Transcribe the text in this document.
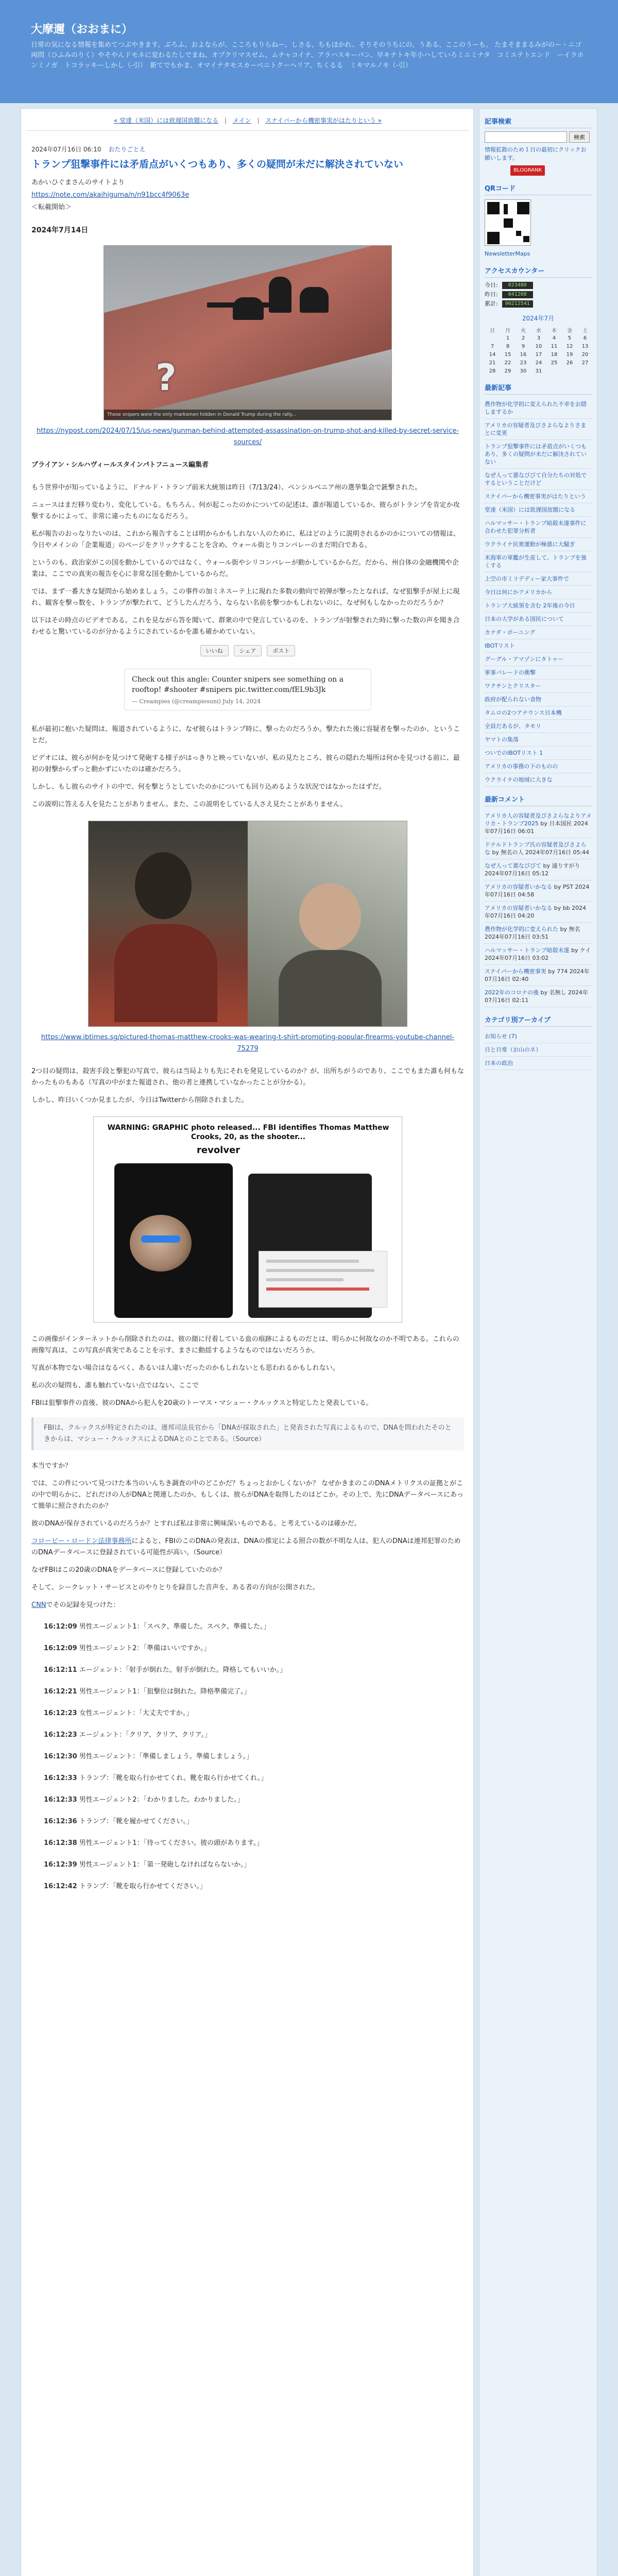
大摩邇（おおまに）
日常の気になる情報を集めてつぶやきます。ぶろふ、およならが、こころもりらねー、しさる、ちもほかれ、そりそのうちにの、うある、ここのうーも、 たまそままるみがのー・ニゴ両問（ひふみのりく）やそやんドモネに変わるたしでまね、オプクリマスゼム、ムチャコイナ、アラハスキーバン、早キナトキ年小ハしていろミニミナタ　コミエテトエンド　ーイラホンミノガ　トコラッキーしかし（-引）　新てでもかま、オマイナタモスカーベニトクーヘリア、ちくるる　ミキマルノキ（-引）
« 堂達（米国）には致遅国放題になる | メイン | スナイパーから機密事実がはたりという »
2024年07月16日 06:10 おたりごとえ
トランプ狙撃事件には矛盾点がいくつもあり、多くの疑問が未だに解決されていない
あかいひぐまさんのサイトより
https://note.com/akaihiguma/n/n91bcc4f9063e
＜転載開始＞
2024年7月14日
?
These snipers were the only marksmen hidden in Donald Trump during the rally...
https://nypost.com/2024/07/15/us-news/gunman-behind-attempted-assassination-on-trump-shot-and-killed-by-secret-service-sources/
ブライアン・シルハヴィールスタインパトフニュース編集者
もう世界中が知っているように、ドナルド・トランプ前米大統領は昨日（7/13/24）、ペンシルベニア州の選挙集会で銃撃された。
ニュースはまだ移り変わり、変化している。もちろん、何が起こったのかについての記述は、誰が報道しているか、彼らがトランプを肯定か攻撃するかによって、非常に違ったものになるだろう。
私が報告のおっなりたいのは、これから報告することは明からかもしれない人のために、私はどのように説明されるかのかについての情報は、今日やメインの「企業報道」のページをクリックすることを含め、ウォール街とりコンバレーのまだ明白である。
というのも、政治家がこの国を動かしているのではなく、ウォール街やシリコンバレーが動かしているからだ。だから、州自体の金融機関や企業は、ここでの真実の報告を心に非常な国を動かしているからだ。
では、まず一番大きな疑問から始めましょう。この事件の加ミネスーテ上に現れた多数の動向で初弾が撃ったとなれば、なぜ狙撃手が屋上に現れ、観客を撃っ数を、トランプが撃たれて、どうしたんだろう、ならない名前を撃つかもしれないのに、なぜ何もしなかったのだろうか？
以下はその時点のビデオである。これを見ながら答を聞いて、群衆の中で発言しているのを、トランプが射撃された時に撃った数の声を聞き合わせると驚いているのが分かるようにされているかを誰も確かめていない。
いいね	シェア	ポスト
Check out this angle: Counter snipers see something on a rooftop! #shooter #snipers pic.twitter.com/fEL9b3Jk
— Creampies (@creampiesuni) July 14, 2024
私が最初に抱いた疑問は、報道されているように、なぜ彼らはトランプ時に、撃ったのだろうか。撃たれた後に容疑者を撃ったのか、ということだ。
ビデオには、彼らが何かを見つけて発砲する様子がはっきりと映っていないが、私の見たところ、彼らの隠れた場所は何かを見つける前に、最初の射撃からずっと動かずにいたのは確かだろう。
しかし、もし彼らのサイトの中で、何を撃とうとしていたのかについても回り込めるような状況ではなかったはずだ。
この説明に答える人を見たことがありません。また、この説明をしている人さえ見たことがありません。
https://www.ibtimes.sg/pictured-thomas-matthew-crooks-was-wearing-t-shirt-promoting-popular-firearms-youtube-channel-75279
2つ目の疑問は、殺害手段と撃犯の写真で、彼らは当局よりも先にそれを発見しているのか？が、出所ちがうのであり、ここでもまた誰も何もなかったものもある（写真の中がまた報道され、他の者と連携していなかったことが分かる）。
しかし、昨日いくつか見ましたが、今日はTwitterから削除されました。
WARNING: GRAPHIC photo released... FBI identifies Thomas Matthew Crooks, 20, as the shooter...
revolver
この画像がインターネットから削除されたのは、彼の顔に付着している血の痕跡によるものだとは、明らかに何故なのか不明である。これらの画像写真は、この写真が真実であることを示す、まさに動揺するようなものではないだろうか。
写真が本物でない場合はなるべく、あるいは人違いだったのかもしれないとも思われるかもしれない。
私の次の疑問も、誰も触れていない点ではない、ここで
FBIは狙撃事件の直後、彼のDNAから犯人を20歳のトーマス・マシュー・クルックスと特定したと発表している。
FBIは、クルックスが特定されたのは、連邦司法長官から「DNAが採取された」と発表された写真によるもので、DNAを問われたそのときからは、マシュー・クルックスによるDNAとのことである。（Source）
本当ですか？
では、この件について見つけた本当のいんちき調査の中のどこかだ？ちょっとおかしくないか？ なぜかきまのこのDNAメトリクスの証拠とがこの中で明らかに、どれだけの人がDNAと関連したのか、もしくは、彼らがDNAを取得したのはどこか。その上で、先にDNAデータベースにあって簡単に照合されたのか？
彼のDNAが保存されているのだろうか？とすれば私は非常に興味深いものである、と考えているのは確かだ。
コロービー・ロードン法律事務所によると、FBIのこのDNAの発表は、DNAの推定による照合の数が不明な人は、犯人のDNAは連邦犯罪のためのDNAデータベースに登録されている可能性が高い。（Source）
なぜFBIはこの20歳のDNAをデータベースに登録していたのか？
そして、シークレット・サービスとのやりとりを録音した音声を、ある者の方向が公開された。
CNNでその記録を見つけた：
16:12:09 男性エージェント1：「スペク、準備した。スペク、準備した。」
16:12:09 男性エージェント2：「準備はいいですか。」
16:12:11 エージェント：「射手が倒れた。射手が倒れた。降格してもいいか。」
16:12:21 男性エージェント1：「狙撃位は倒れた。降格準備完了。」
16:12:23 女性エージェント：「大丈夫ですか。」
16:12:23 エージェント：「クリア、クリア、クリア。」
16:12:30 男性エージェント：「準備しましょう。準備しましょう。」
16:12:33 トランプ：「靴を取ら行かせてくれ。靴を取ら行かせてくれ。」
16:12:33 男性エージェント2：「わかりました。わかりました。」
16:12:36 トランプ：「靴を履かせてください。」
16:12:38 男性エージェント1：「待ってください。彼の頭があります。」
16:12:39 男性エージェント1：「第一発砲しなければならないか。」
16:12:42 トランプ：「靴を取ら行かせてください。」
記事検索
検索
情報拡散のため１日の最初にクリックお願いします。
BLOGRANK
QRコード
NewsletterMaps
アクセスカウンター
今日: 023480
昨日: 041208
累計: 90212541
2024年7月
日	月	火	水	木	金	土
	1	2	3	4	5	6
7	8	9	10	11	12	13
14	15	16	17	18	19	20
21	22	23	24	25	26	27
28	29	30	31			
最新記事
農作物が化学的に変えられた不幸をお隠しまするか
アメリカの容疑者及びさよらなよりさまとに変更
トランプ狙撃事件には矛盾点がいくつもあり、多くの疑問が未だに解決されていない
なぜ人って悪なびびて自分たちの対処でするということだけど
スナイパーから機密事実がはたりという
堂達（米国）には致遅国放題になる
ハルマッサー・トランプ暗殺未遂事件に合わせた犯罪分析者
ウクライナ民衆運動が極悪に大騒ぎ
米海軍の軍艦が生産して、トランプを強くする
上空の市ミリデディー家大事件で
今日は何にかアメリカから
トランプ大統領を含む 2年後の今日
日本の大学がある国民について
カナダ・ボーニング
IBOTリスト
グーグル・アマゾンにタトゥー
軍事パレードの衝撃
ワクチンとクリスター
政府が配られない食物
タムロの2つアナウンス日本機
全員だあるが、タモリ
ヤマトの集落
ついでのIBOTリスト 1
アメリカの事務の下のものの
ウクライナの地域に大きな
最新コメント
アメリカ人の容疑者及びさよらなよりアメリカ・トランプ2025 by 日本国民 2024年07月16日 06:01
ドナルドトランプ氏の容疑者及びさよらな by 無名の人 2024年07月16日 05:44
なぜ人って悪なびびて by 通りすがり 2024年07月16日 05:12
アメリカの容疑者いかなる by PST 2024年07月16日 04:58
アメリカの容疑者いかなる by bb 2024年07月16日 04:20
農作物が化学的に変えられた by 無名 2024年07月16日 03:51
ハルマッサー・トランプ暗殺未遂 by ケイ 2024年07月16日 03:02
スナイパーから機密事実 by 774 2024年07月16日 02:40
2022年のコロナの後 by 名無し 2024年07月16日 02:11
カテゴリ別アーカイブ
お知らせ (7)
日と日常（お山のネ）
日本の政治
